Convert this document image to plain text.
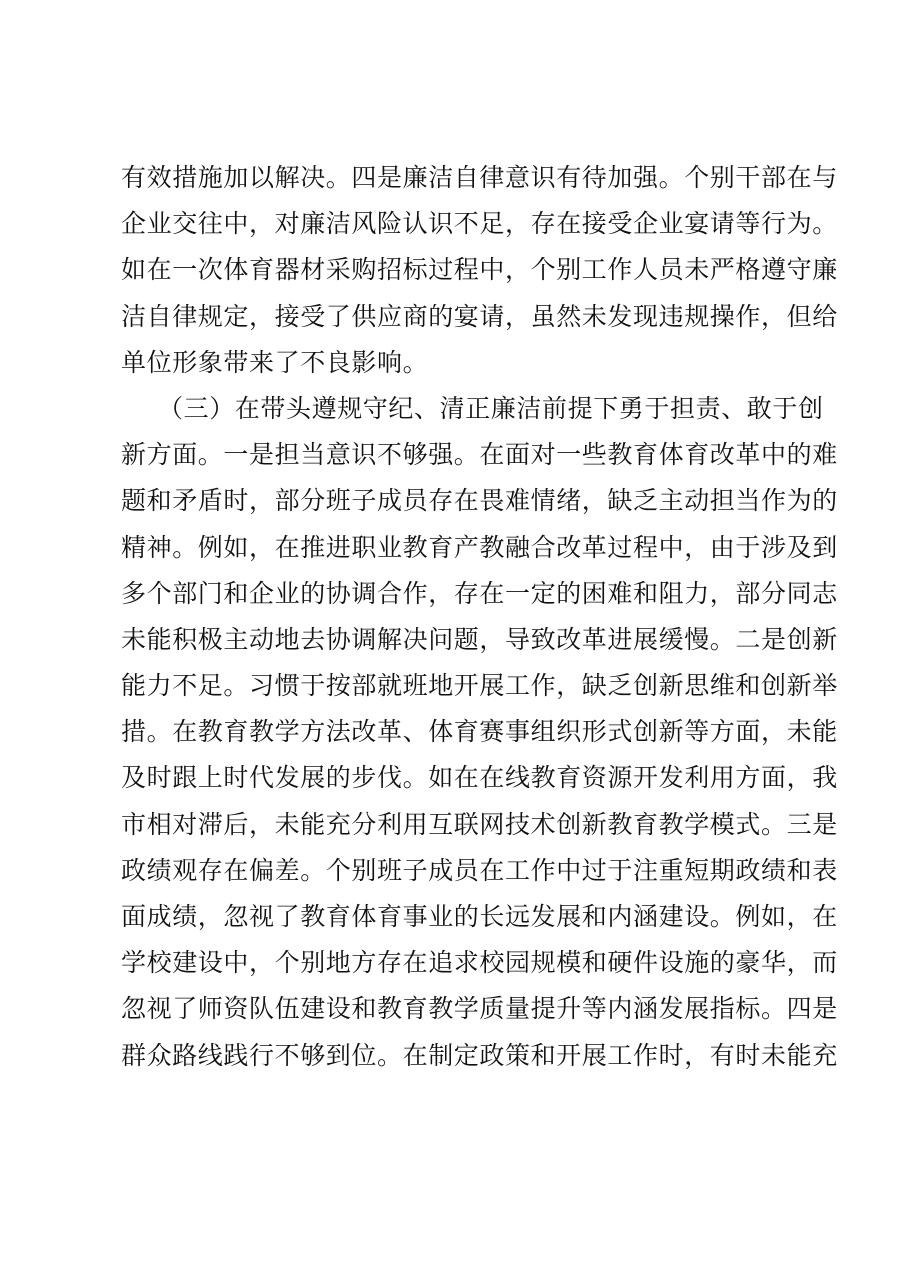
有效措施加以解决。四是廉洁自律意识有待加强。个别干部在与
企业交往中，对廉洁风险认识不足，存在接受企业宴请等行为。
如在一次体育器材采购招标过程中，个别工作人员未严格遵守廉
洁自律规定，接受了供应商的宴请，虽然未发现违规操作，但给
单位形象带来了不良影响。
（三）在带头遵规守纪、清正廉洁前提下勇于担责、敢于创
新方面。一是担当意识不够强。在面对一些教育体育改革中的难
题和矛盾时，部分班子成员存在畏难情绪，缺乏主动担当作为的
精神。例如，在推进职业教育产教融合改革过程中，由于涉及到
多个部门和企业的协调合作，存在一定的困难和阻力，部分同志
未能积极主动地去协调解决问题，导致改革进展缓慢。二是创新
能力不足。习惯于按部就班地开展工作，缺乏创新思维和创新举
措。在教育教学方法改革、体育赛事组织形式创新等方面，未能
及时跟上时代发展的步伐。如在在线教育资源开发利用方面，我
市相对滞后，未能充分利用互联网技术创新教育教学模式。三是
政绩观存在偏差。个别班子成员在工作中过于注重短期政绩和表
面成绩，忽视了教育体育事业的长远发展和内涵建设。例如，在
学校建设中，个别地方存在追求校园规模和硬件设施的豪华，而
忽视了师资队伍建设和教育教学质量提升等内涵发展指标。四是
群众路线践行不够到位。在制定政策和开展工作时，有时未能充
